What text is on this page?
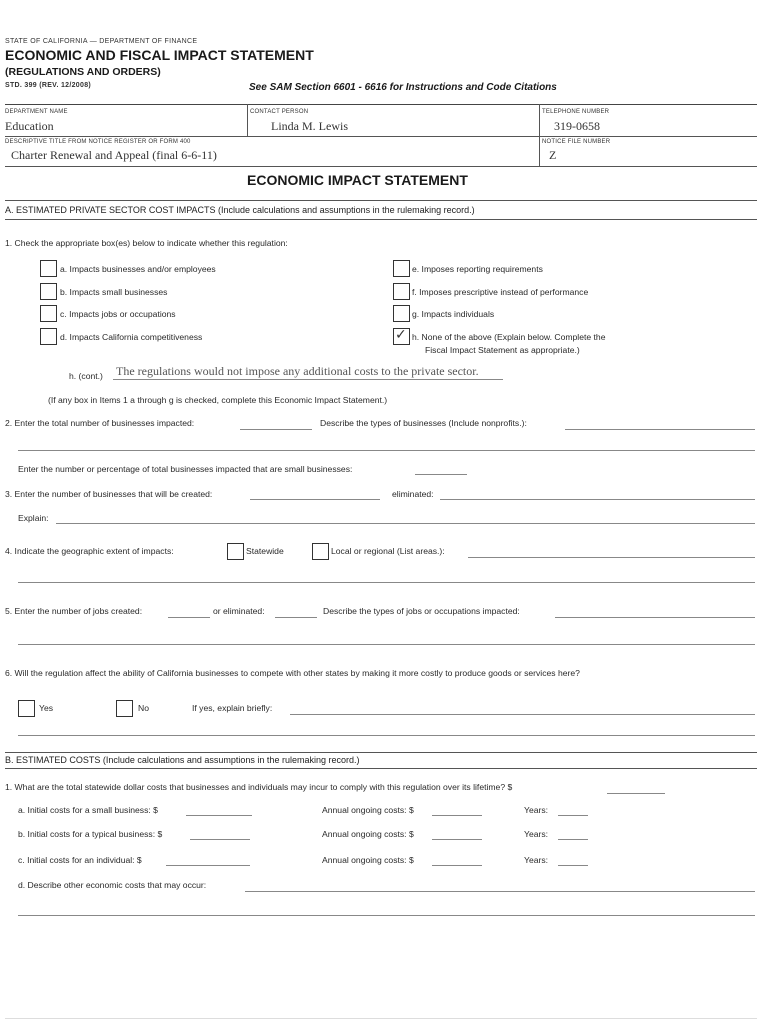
STATE OF CALIFORNIA — DEPARTMENT OF FINANCE
ECONOMIC AND FISCAL IMPACT STATEMENT
(REGULATIONS AND ORDERS)
STD. 399 (REV. 12/2008)	See SAM Section 6601 - 6616 for Instructions and Code Citations
DEPARTMENT NAME
Education
CONTACT PERSON
Linda M. Lewis
TELEPHONE NUMBER
319-0658
DESCRIPTIVE TITLE FROM NOTICE REGISTER OR FORM 400
Charter Renewal and Appeal (final 6-6-11)
NOTICE FILE NUMBER
Z
ECONOMIC IMPACT STATEMENT
A. ESTIMATED PRIVATE SECTOR COST IMPACTS (Include calculations and assumptions in the rulemaking record.)
1. Check the appropriate box(es) below to indicate whether this regulation:
a. Impacts businesses and/or employees
b. Impacts small businesses
c. Impacts jobs or occupations
d. Impacts California competitiveness
e. Imposes reporting requirements
f. Imposes prescriptive instead of performance
g. Impacts individuals
✓ h. None of the above (Explain below. Complete the
Fiscal Impact Statement as appropriate.)
h. (cont.) The regulations would not impose any additional costs to the private sector.
(If any box in Items 1 a through g is checked, complete this Economic Impact Statement.)
2. Enter the total number of businesses impacted:	Describe the types of businesses (Include nonprofits.):
Enter the number or percentage of total businesses impacted that are small businesses:
3. Enter the number of businesses that will be created:	eliminated:
Explain:
4. Indicate the geographic extent of impacts:	Statewide	Local or regional (List areas.):
5. Enter the number of jobs created:	or eliminated:	Describe the types of jobs or occupations impacted:
6. Will the regulation affect the ability of California businesses to compete with other states by making it more costly to produce goods or services here?
Yes	No	If yes, explain briefly:
B. ESTIMATED COSTS (Include calculations and assumptions in the rulemaking record.)
1. What are the total statewide dollar costs that businesses and individuals may incur to comply with this regulation over its lifetime? $
a. Initial costs for a small business: $	Annual ongoing costs: $	Years:
b. Initial costs for a typical business: $	Annual ongoing costs: $	Years:
c. Initial costs for an individual: $	Annual ongoing costs: $	Years:
d. Describe other economic costs that may occur:
